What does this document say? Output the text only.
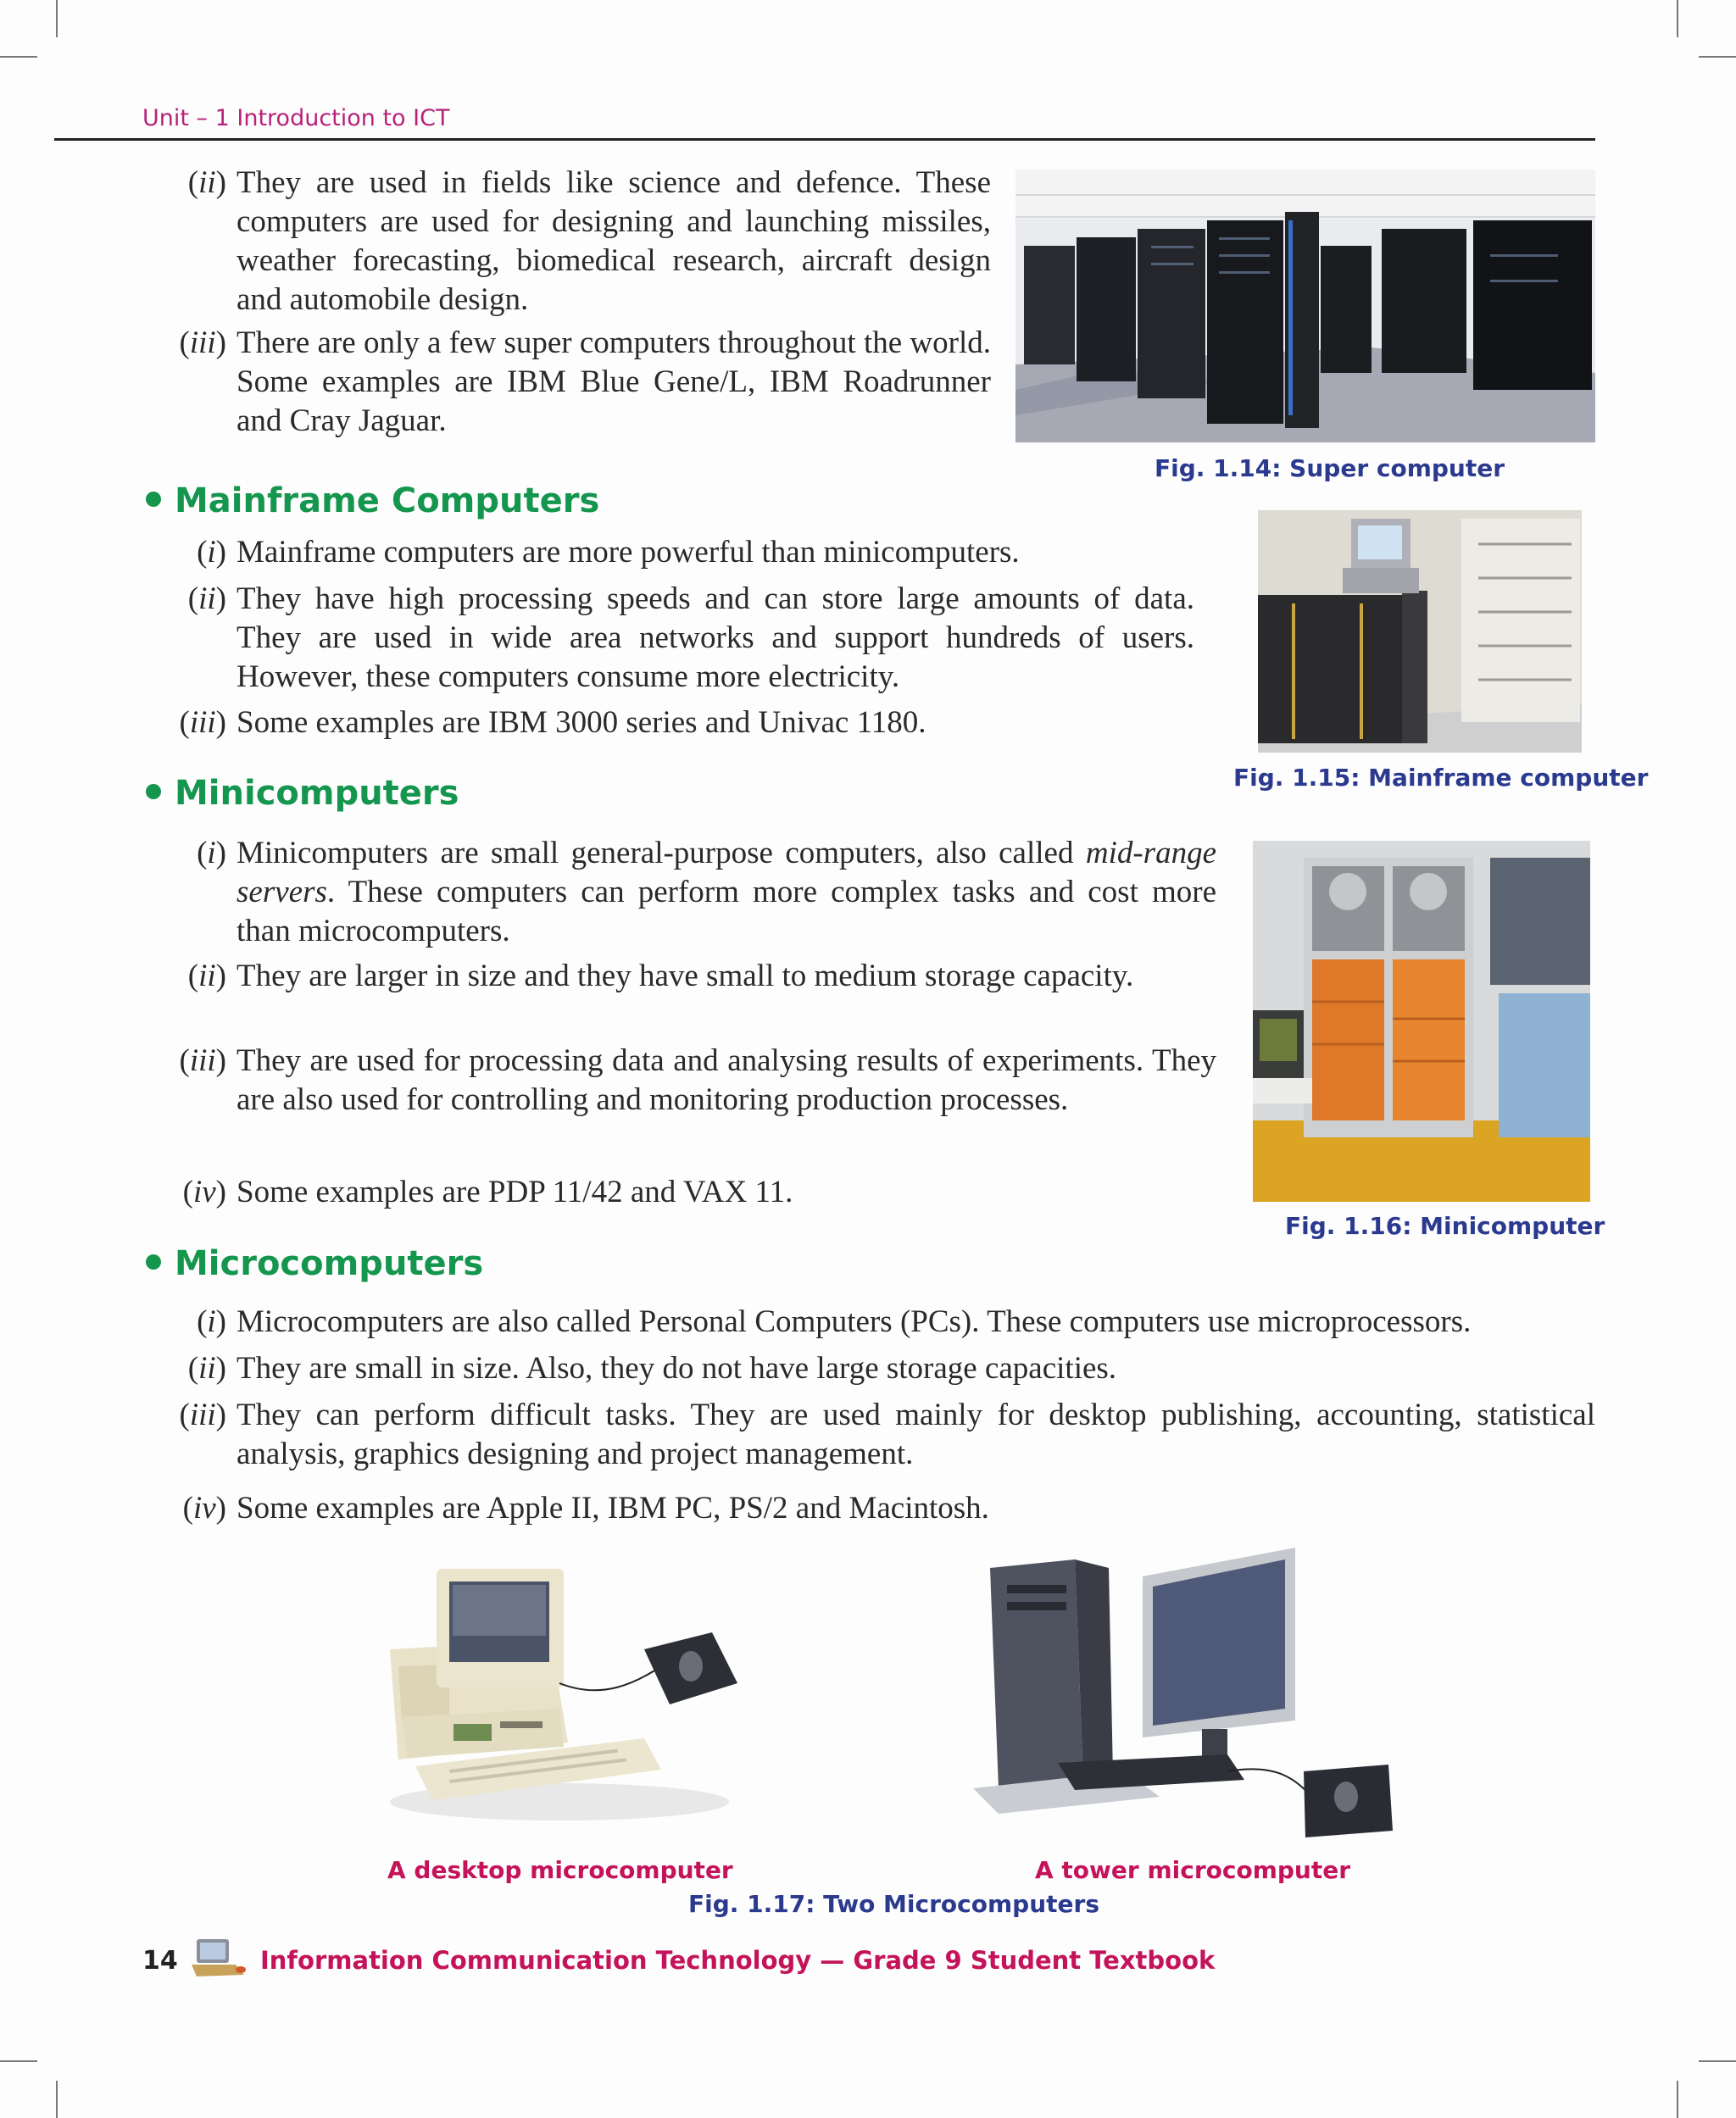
Unit – 1 Introduction to ICT
(ii) They are used in fields like science and defence. These computers are used for designing and launching missiles, weather forecasting, biomedical research, aircraft design and automobile design.
(iii) There are only a few super computers throughout the world. Some examples are IBM Blue Gene/L, IBM Roadrunner and Cray Jaguar.
Fig. 1.14: Super computer
Mainframe Computers
(i) Mainframe computers are more powerful than minicomputers.
(ii) They have high processing speeds and can store large amounts of data. They are used in wide area networks and support hundreds of users. However, these computers consume more electricity.
(iii) Some examples are IBM 3000 series and Univac 1180.
Fig. 1.15: Mainframe computer
Minicomputers
(i) Minicomputers are small general-purpose computers, also called mid-range servers. These computers can perform more complex tasks and cost more than microcomputers.
(ii) They are larger in size and they have small to medium storage capacity.
(iii) They are used for processing data and analysing results of experiments. They are also used for controlling and monitoring production processes.
(iv) Some examples are PDP 11/42 and VAX 11.
Fig. 1.16: Minicomputer
Microcomputers
(i) Microcomputers are also called Personal Computers (PCs). These computers use microprocessors.
(ii) They are small in size. Also, they do not have large storage capacities.
(iii) They can perform difficult tasks. They are used mainly for desktop publishing, accounting, statistical analysis, graphics designing and project management.
(iv) Some examples are Apple II, IBM PC, PS/2 and Macintosh.
A desktop microcomputer	A tower microcomputer
Fig. 1.17: Two Microcomputers
14	Information Communication Technology — Grade 9 Student Textbook
